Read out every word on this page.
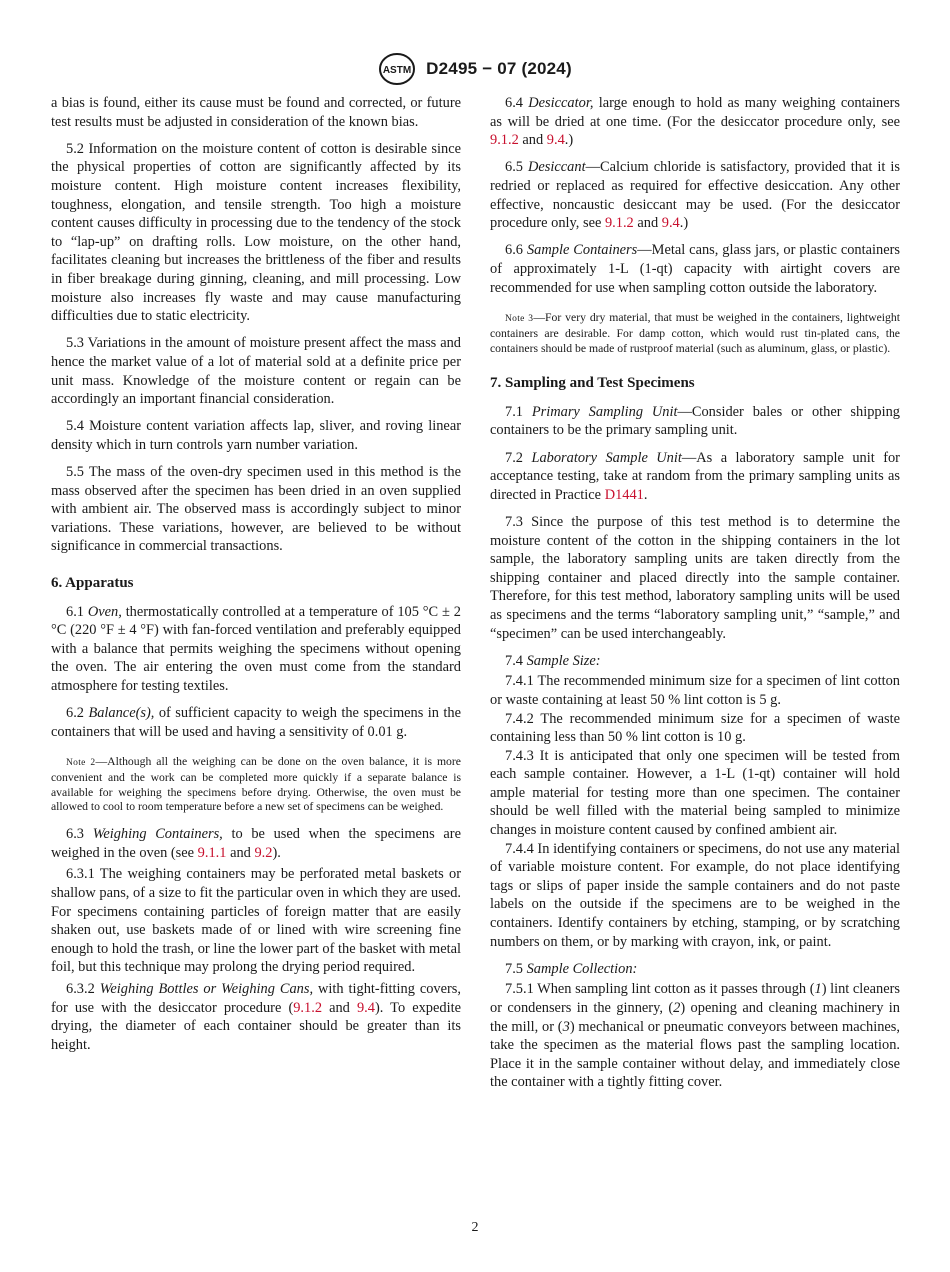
ASTM D2495 − 07 (2024)

a bias is found, either its cause must be found and corrected, or future test results must be adjusted in consideration of the known bias.

5.2 Information on the moisture content of cotton is desirable since the physical properties of cotton are significantly affected by its moisture content. High moisture content increases flexibility, toughness, elongation, and tensile strength. Too high a moisture content causes difficulty in processing due to the tendency of the stock to “lap-up” on drafting rolls. Low moisture, on the other hand, facilitates cleaning but increases the brittleness of the fiber and results in fiber breakage during ginning, cleaning, and mill processing. Low moisture also increases fly waste and may cause manufacturing difficulties due to static electricity.

5.3 Variations in the amount of moisture present affect the mass and hence the market value of a lot of material sold at a definite price per unit mass. Knowledge of the moisture content or regain can be accordingly an important financial consideration.

5.4 Moisture content variation affects lap, sliver, and roving linear density which in turn controls yarn number variation.

5.5 The mass of the oven-dry specimen used in this method is the mass observed after the specimen has been dried in an oven supplied with ambient air. The observed mass is accordingly subject to minor variations. These variations, however, are believed to be without significance in commercial transactions.

6. Apparatus

6.1 Oven, thermostatically controlled at a temperature of 105 °C ± 2 °C (220 °F ± 4 °F) with fan-forced ventilation and preferably equipped with a balance that permits weighing the specimens without opening the oven. The air entering the oven must come from the standard atmosphere for testing textiles.

6.2 Balance(s), of sufficient capacity to weigh the specimens in the containers that will be used and having a sensitivity of 0.01 g.

Note 2—Although all the weighing can be done on the oven balance, it is more convenient and the work can be completed more quickly if a separate balance is available for weighing the specimens before drying. Otherwise, the oven must be allowed to cool to room temperature before a new set of specimens can be weighed.

6.3 Weighing Containers, to be used when the specimens are weighed in the oven (see 9.1.1 and 9.2).

6.3.1 The weighing containers may be perforated metal baskets or shallow pans, of a size to fit the particular oven in which they are used. For specimens containing particles of foreign matter that are easily shaken out, use baskets made of or lined with wire screening fine enough to hold the trash, or line the lower part of the basket with metal foil, but this technique may prolong the drying period required.

6.3.2 Weighing Bottles or Weighing Cans, with tight-fitting covers, for use with the desiccator procedure (9.1.2 and 9.4). To expedite drying, the diameter of each container should be greater than its height.

6.4 Desiccator, large enough to hold as many weighing containers as will be dried at one time. (For the desiccator procedure only, see 9.1.2 and 9.4.)

6.5 Desiccant—Calcium chloride is satisfactory, provided that it is redried or replaced as required for effective desiccation. Any other effective, noncaustic desiccant may be used. (For the desiccator procedure only, see 9.1.2 and 9.4.)

6.6 Sample Containers—Metal cans, glass jars, or plastic containers of approximately 1-L (1-qt) capacity with airtight covers are recommended for use when sampling cotton outside the laboratory.

Note 3—For very dry material, that must be weighed in the containers, lightweight containers are desirable. For damp cotton, which would rust tin-plated cans, the containers should be made of rustproof material (such as aluminum, glass, or plastic).
7. Sampling and Test Specimens

7.1 Primary Sampling Unit—Consider bales or other shipping containers to be the primary sampling unit.

7.2 Laboratory Sample Unit—As a laboratory sample unit for acceptance testing, take at random from the primary sampling units as directed in Practice D1441.

7.3 Since the purpose of this test method is to determine the moisture content of the cotton in the shipping containers in the lot sample, the laboratory sampling units are taken directly from the shipping container and placed directly into the sample container. Therefore, for this test method, laboratory sampling units will be used as specimens and the terms “laboratory sampling unit,” “sample,” and “specimen” can be used interchangeably.

7.4 Sample Size:

7.4.1 The recommended minimum size for a specimen of lint cotton or waste containing at least 50 % lint cotton is 5 g.

7.4.2 The recommended minimum size for a specimen of waste containing less than 50 % lint cotton is 10 g.

7.4.3 It is anticipated that only one specimen will be tested from each sample container. However, a 1-L (1-qt) container will hold ample material for testing more than one specimen. The container should be well filled with the material being sampled to minimize changes in moisture content caused by confined ambient air.

7.4.4 In identifying containers or specimens, do not use any material of variable moisture content. For example, do not place identifying tags or slips of paper inside the sample containers and do not paste labels on the outside if the specimens are to be weighed in the containers. Identify containers by etching, stamping, or by scratching numbers on them, or by marking with crayon, ink, or paint.

7.5 Sample Collection:

7.5.1 When sampling lint cotton as it passes through (1) lint cleaners or condensers in the ginnery, (2) opening and cleaning machinery in the mill, or (3) mechanical or pneumatic conveyors between machines, take the specimen as the material flows past the sampling location. Place it in the sample container without delay, and immediately close the container with a tightly fitting cover.

2
